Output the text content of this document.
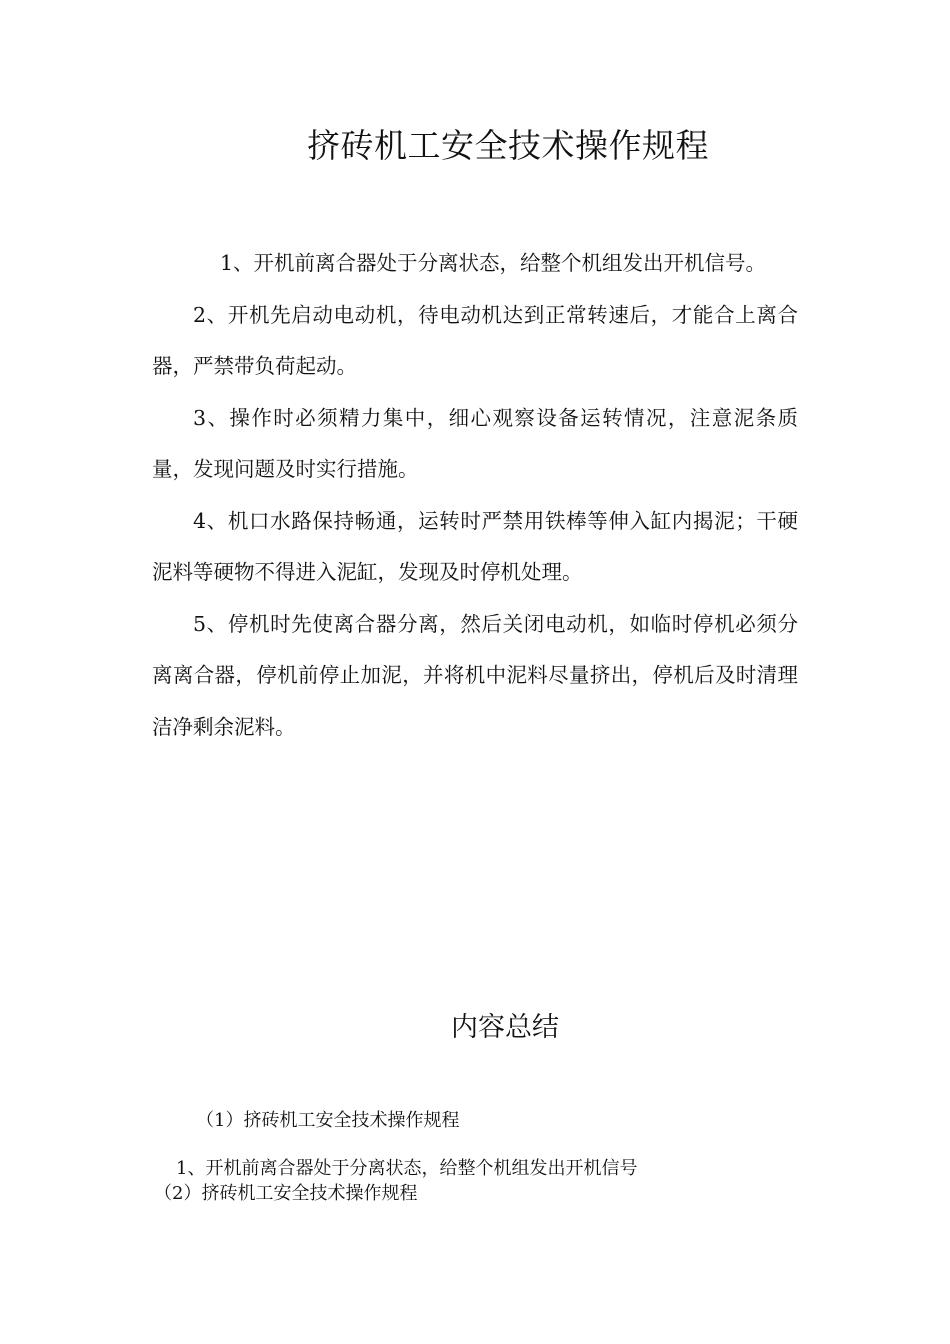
挤砖机工安全技术操作规程

1、开机前离合器处于分离状态，给整个机组发出开机信号。

2、开机先启动电动机，待电动机达到正常转速后，才能合上离合器，严禁带负荷起动。

3、操作时必须精力集中，细心观察设备运转情况，注意泥条质量，发现问题及时实行措施。

4、机口水路保持畅通，运转时严禁用铁棒等伸入缸内揭泥；干硬泥料等硬物不得进入泥缸，发现及时停机处理。

5、停机时先使离合器分离，然后关闭电动机，如临时停机必须分离离合器，停机前停止加泥，并将机中泥料尽量挤出，停机后及时清理洁净剩余泥料。

内容总结
（1）挤砖机工安全技术操作规程
1、开机前离合器处于分离状态，给整个机组发出开机信号
（2）挤砖机工安全技术操作规程
